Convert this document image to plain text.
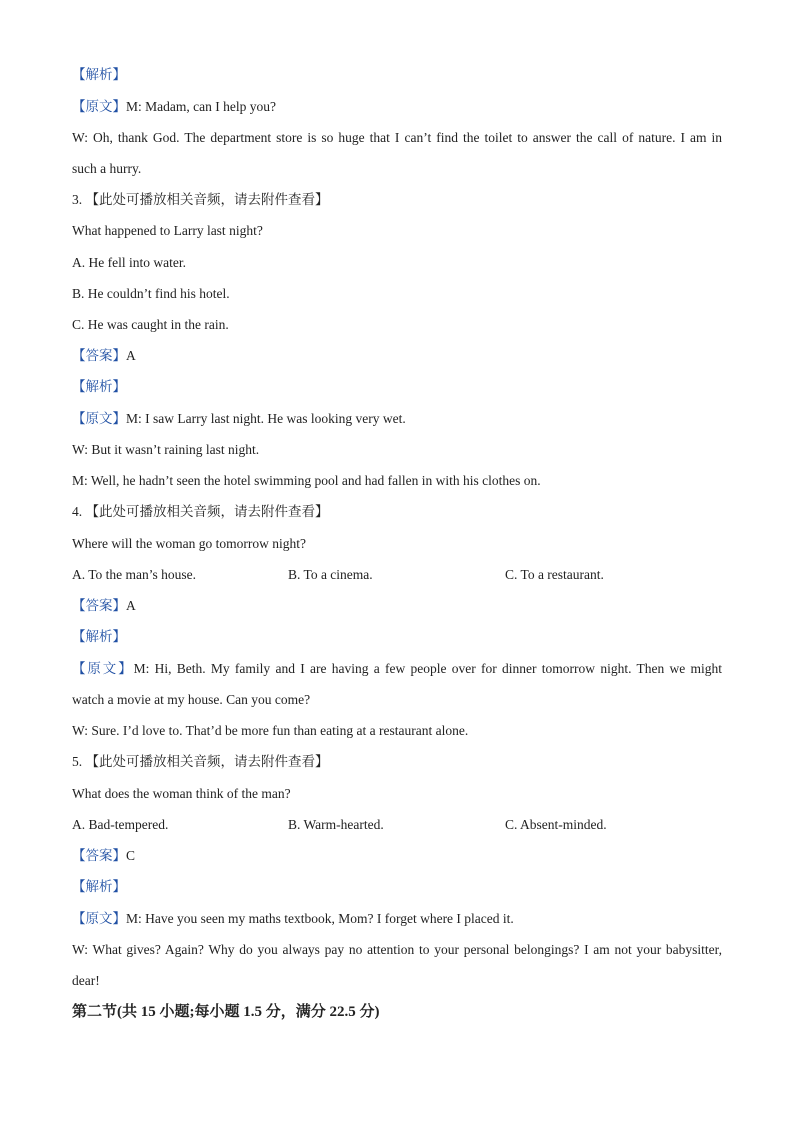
【解析】
【原文】M: Madam, can I help you?
W: Oh, thank God. The department store is so huge that I can’t find the toilet to answer the call of nature. I am in
such a hurry.
3. 【此处可播放相关音频，请去附件查看】
What happened to Larry last night?
A. He fell into water.
B. He couldn’t find his hotel.
C. He was caught in the rain.
【答案】A
【解析】
【原文】M: I saw Larry last night. He was looking very wet.
W: But it wasn’t raining last night.
M: Well, he hadn’t seen the hotel swimming pool and had fallen in with his clothes on.
4. 【此处可播放相关音频，请去附件查看】
Where will the woman go tomorrow night?
A. To the man’s house.	B. To a cinema.	C. To a restaurant.
【答案】A
【解析】
【原文】M: Hi, Beth. My family and I are having a few people over for dinner tomorrow night. Then we might
watch a movie at my house. Can you come?
W: Sure. I’d love to. That’d be more fun than eating at a restaurant alone.
5. 【此处可播放相关音频，请去附件查看】
What does the woman think of the man?
A. Bad-tempered.	B. Warm-hearted.	C. Absent-minded.
【答案】C
【解析】
【原文】M: Have you seen my maths textbook, Mom? I forget where I placed it.
W: What gives? Again? Why do you always pay no attention to your personal belongings? I am not your babysitter,
dear!
第二节(共 15 小题;每小题 1.5 分，满分 22.5 分)
